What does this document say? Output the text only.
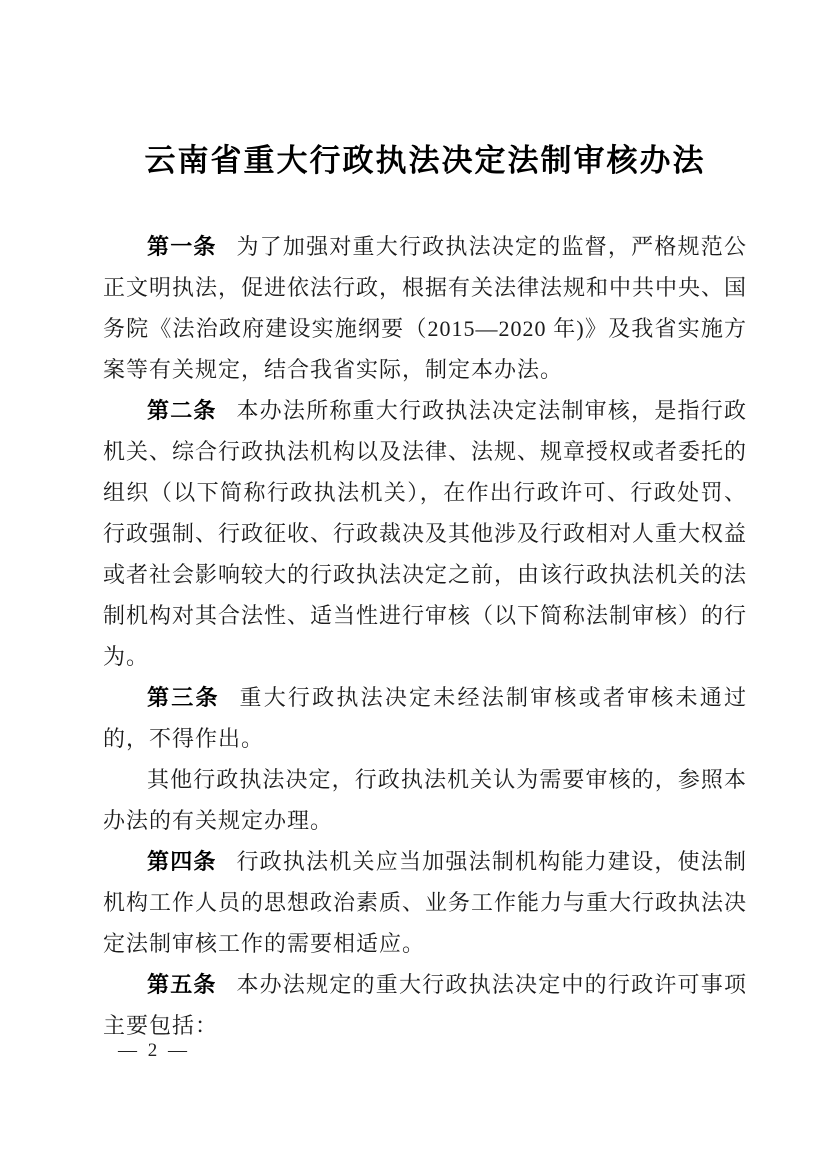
云南省重大行政执法决定法制审核办法

第一条 为了加强对重大行政执法决定的监督，严格规范公正文明执法，促进依法行政，根据有关法律法规和中共中央、国务院《法治政府建设实施纲要（2015—2020 年)》及我省实施方案等有关规定，结合我省实际，制定本办法。

第二条 本办法所称重大行政执法决定法制审核，是指行政机关、综合行政执法机构以及法律、法规、规章授权或者委托的组织（以下简称行政执法机关），在作出行政许可、行政处罚、行政强制、行政征收、行政裁决及其他涉及行政相对人重大权益或者社会影响较大的行政执法决定之前，由该行政执法机关的法制机构对其合法性、适当性进行审核（以下简称法制审核）的行为。

第三条 重大行政执法决定未经法制审核或者审核未通过的，不得作出。

其他行政执法决定，行政执法机关认为需要审核的，参照本办法的有关规定办理。

第四条 行政执法机关应当加强法制机构能力建设，使法制机构工作人员的思想政治素质、业务工作能力与重大行政执法决定法制审核工作的需要相适应。

第五条 本办法规定的重大行政执法决定中的行政许可事项主要包括：

— 2 —
